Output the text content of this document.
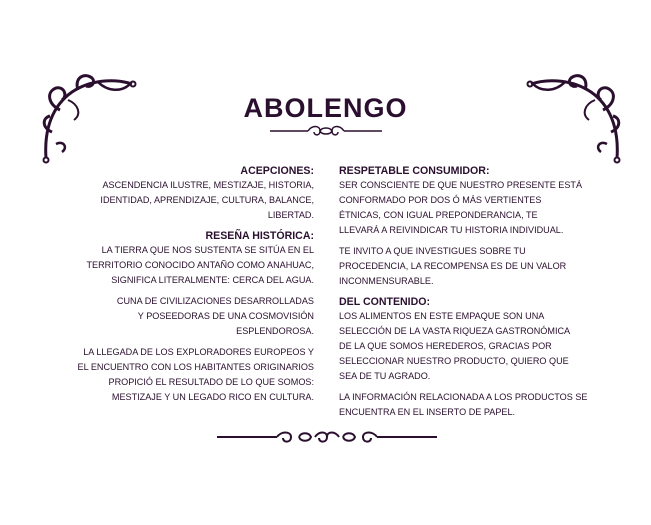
ABOLENGO
ACEPCIONES:
ASCENDENCIA ILUSTRE, MESTIZAJE, HISTORIA,
IDENTIDAD, APRENDIZAJE, CULTURA, BALANCE,
LIBERTAD.
RESEÑA HISTÓRICA:
LA TIERRA QUE NOS SUSTENTA SE SITÚA EN EL
TERRITORIO CONOCIDO ANTAÑO COMO ANAHUAC,
SIGNIFICA LITERALMENTE: CERCA DEL AGUA.
CUNA DE CIVILIZACIONES DESARROLLADAS
Y POSEEDORAS DE UNA COSMOVISIÓN
ESPLENDOROSA.
LA LLEGADA DE LOS EXPLORADORES EUROPEOS Y
EL ENCUENTRO CON LOS HABITANTES ORIGINARIOS
PROPICIÓ EL RESULTADO DE LO QUE SOMOS:
MESTIZAJE Y UN LEGADO RICO EN CULTURA.
RESPETABLE CONSUMIDOR:
SER CONSCIENTE DE QUE NUESTRO PRESENTE ESTÁ
CONFORMADO POR DOS Ó MÁS VERTIENTES
ÉTNICAS, CON IGUAL PREPONDERANCIA, TE
LLEVARÁ A REIVINDICAR TU HISTORIA INDIVIDUAL.
TE INVITO A QUE INVESTIGUES SOBRE TU
PROCEDENCIA, LA RECOMPENSA ES DE UN VALOR
INCONMENSURABLE.
DEL CONTENIDO:
LOS ALIMENTOS EN ESTE EMPAQUE SON UNA
SELECCIÓN DE LA VASTA RIQUEZA GASTRONÓMICA
DE LA QUE SOMOS HEREDEROS, GRACIAS POR
SELECCIONAR NUESTRO PRODUCTO, QUIERO QUE
SEA DE TU AGRADO.
LA INFORMACIÓN RELACIONADA A LOS PRODUCTOS SE
ENCUENTRA EN EL INSERTO DE PAPEL.
